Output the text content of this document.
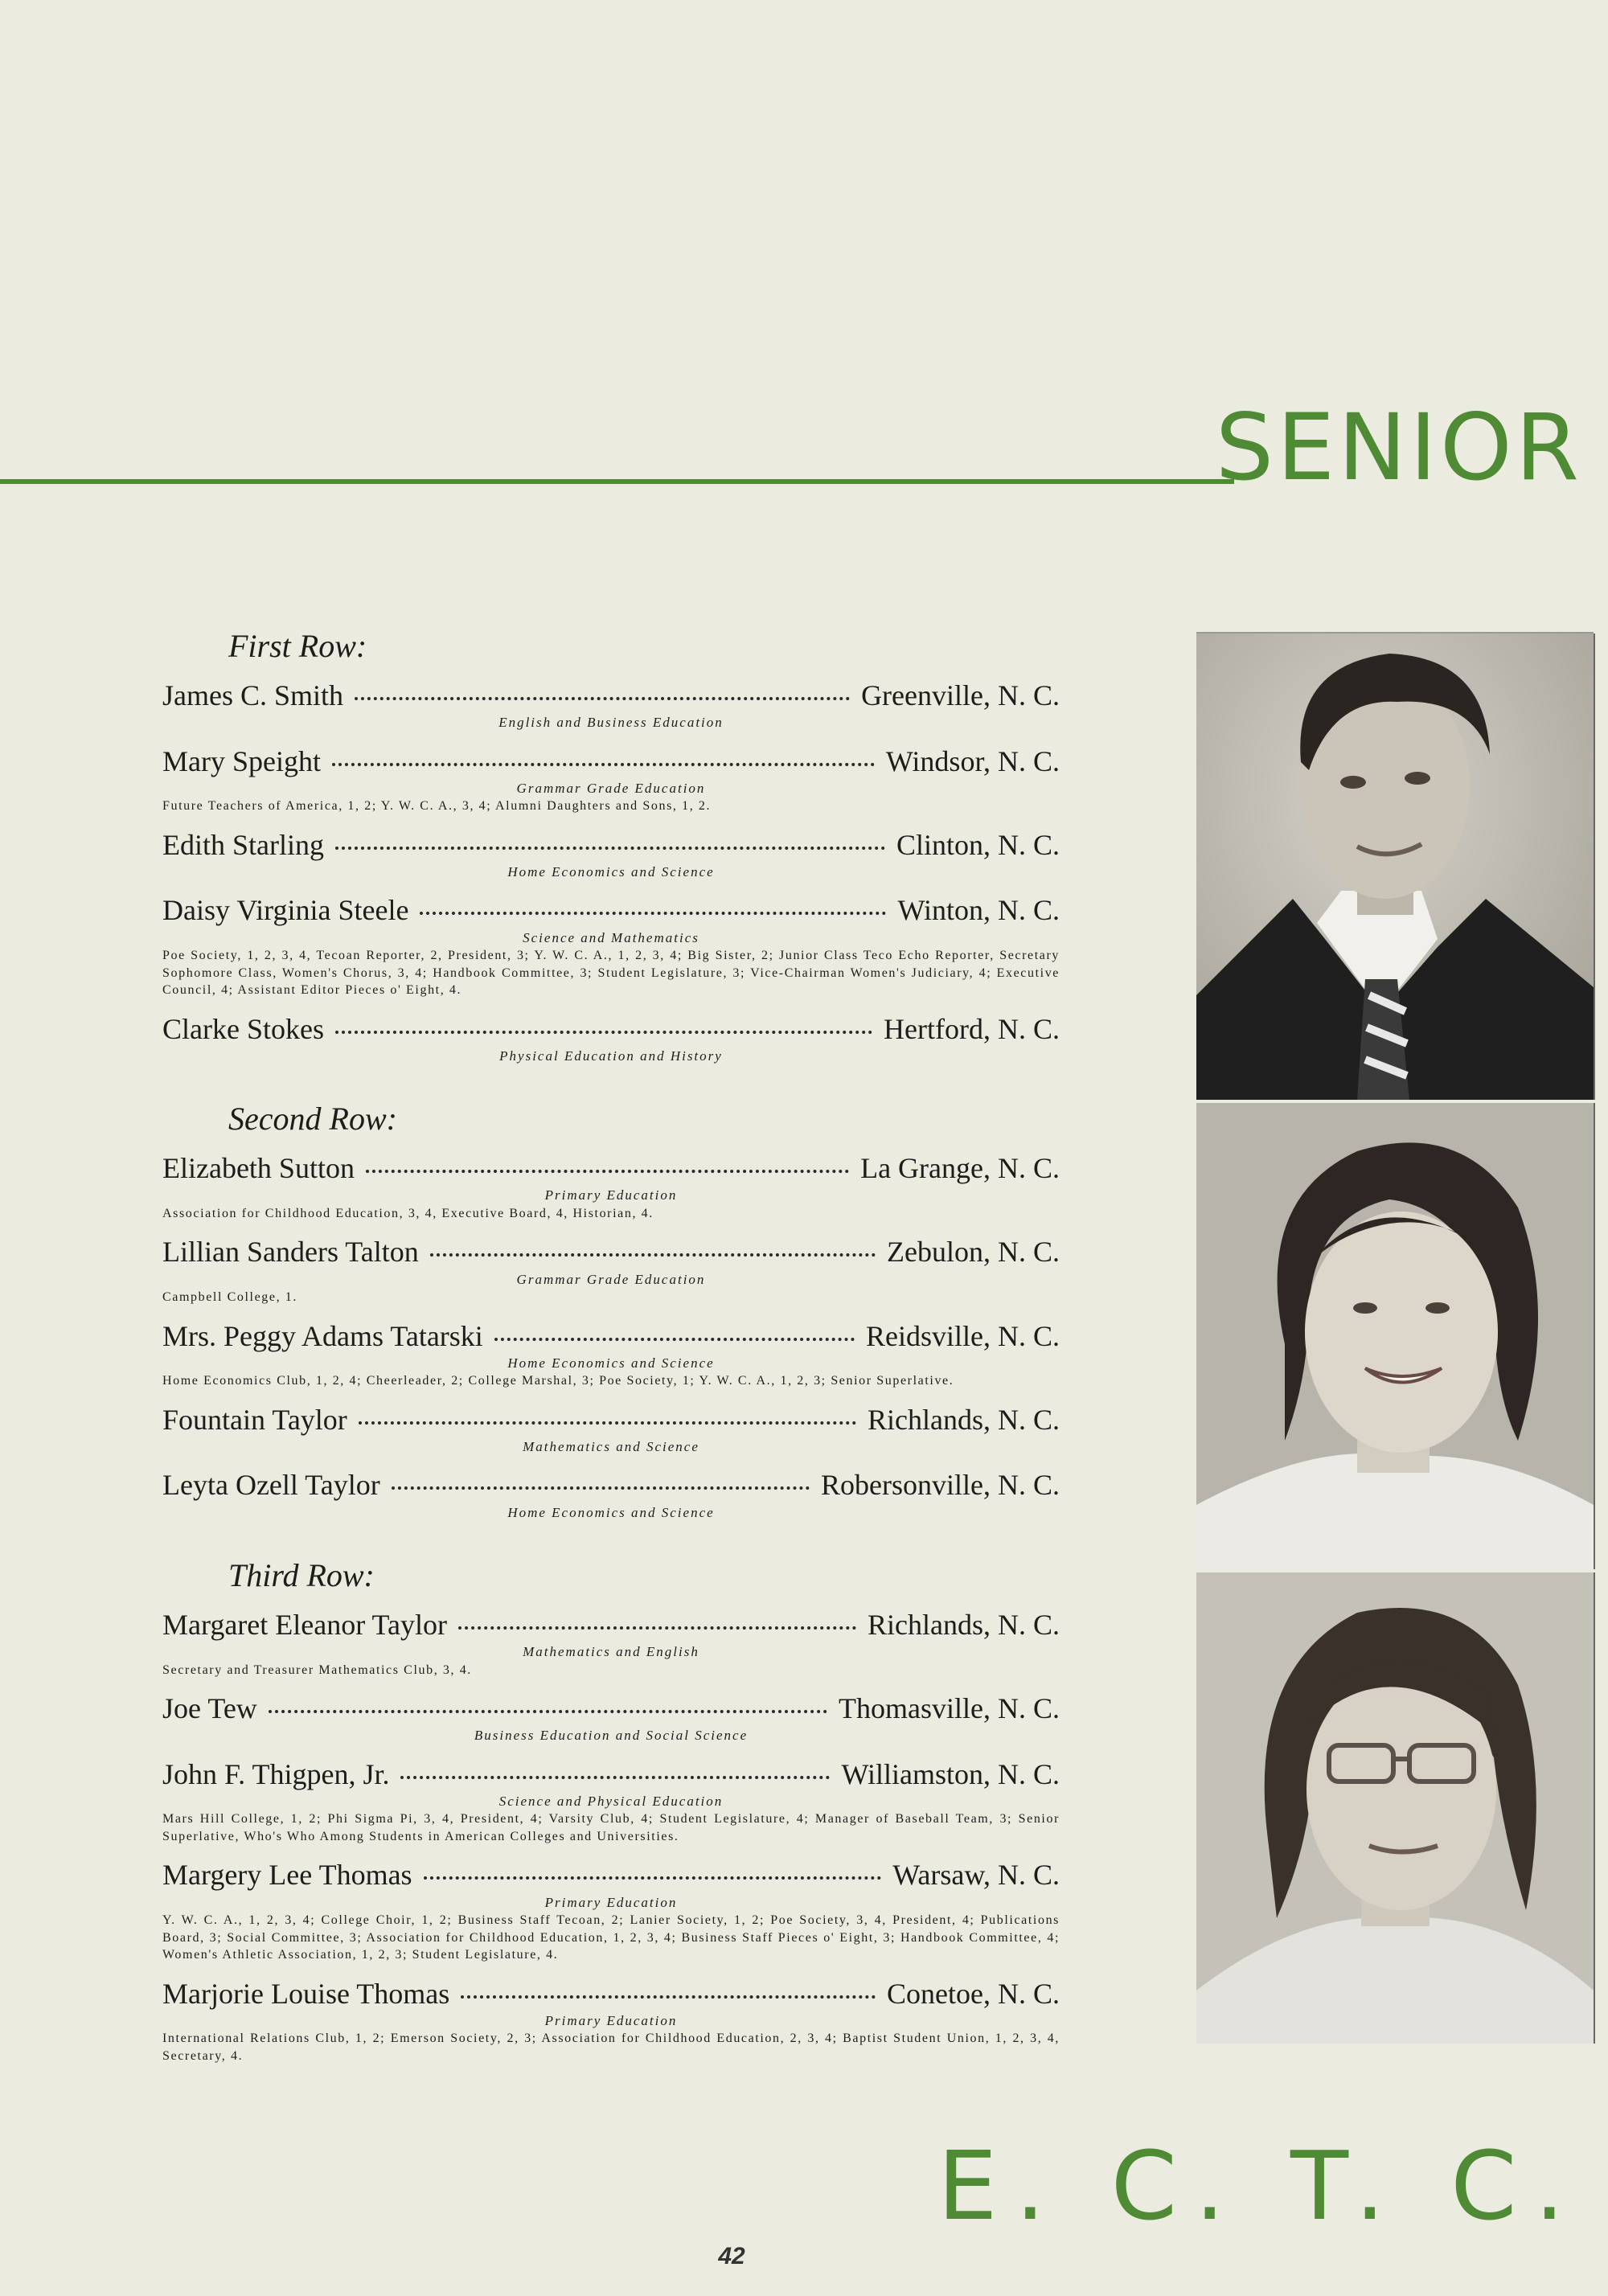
SENIOR
First Row:
James C. Smith	Greenville, N. C.
English and Business Education
Mary Speight	Windsor, N. C.
Grammar Grade Education
Future Teachers of America, 1, 2; Y. W. C. A., 3, 4; Alumni Daughters and Sons, 1, 2.
Edith Starling	Clinton, N. C.
Home Economics and Science
Daisy Virginia Steele	Winton, N. C.
Science and Mathematics
Poe Society, 1, 2, 3, 4, Tecoan Reporter, 2, President, 3; Y. W. C. A., 1, 2, 3, 4; Big Sister, 2; Junior Class Teco Echo Reporter, Secretary Sophomore Class, Women's Chorus, 3, 4; Handbook Committee, 3; Student Legislature, 3; Vice-Chairman Women's Judiciary, 4; Executive Council, 4; Assistant Editor Pieces o' Eight, 4.
Clarke Stokes	Hertford, N. C.
Physical Education and History
Second Row:
Elizabeth Sutton	La Grange, N. C.
Primary Education
Association for Childhood Education, 3, 4, Executive Board, 4, Historian, 4.
Lillian Sanders Talton	Zebulon, N. C.
Grammar Grade Education
Campbell College, 1.
Mrs. Peggy Adams Tatarski	Reidsville, N. C.
Home Economics and Science
Home Economics Club, 1, 2, 4; Cheerleader, 2; College Marshal, 3; Poe Society, 1; Y. W. C. A., 1, 2, 3; Senior Superlative.
Fountain Taylor	Richlands, N. C.
Mathematics and Science
Leyta Ozell Taylor	Robersonville, N. C.
Home Economics and Science
Third Row:
Margaret Eleanor Taylor	Richlands, N. C.
Mathematics and English
Secretary and Treasurer Mathematics Club, 3, 4.
Joe Tew	Thomasville, N. C.
Business Education and Social Science
John F. Thigpen, Jr.	Williamston, N. C.
Science and Physical Education
Mars Hill College, 1, 2; Phi Sigma Pi, 3, 4, President, 4; Varsity Club, 4; Student Legislature, 4; Manager of Baseball Team, 3; Senior Superlative, Who's Who Among Students in American Colleges and Universities.
Margery Lee Thomas	Warsaw, N. C.
Primary Education
Y. W. C. A., 1, 2, 3, 4; College Choir, 1, 2; Business Staff Tecoan, 2; Lanier Society, 1, 2; Poe Society, 3, 4, President, 4; Publications Board, 3; Social Committee, 3; Association for Childhood Education, 1, 2, 3, 4; Business Staff Pieces o' Eight, 3; Handbook Committee, 4; Women's Athletic Association, 1, 2, 3; Student Legislature, 4.
Marjorie Louise Thomas	Conetoe, N. C.
Primary Education
International Relations Club, 1, 2; Emerson Society, 2, 3; Association for Childhood Education, 2, 3, 4; Baptist Student Union, 1, 2, 3, 4, Secretary, 4.
E. C. T. C.
42
